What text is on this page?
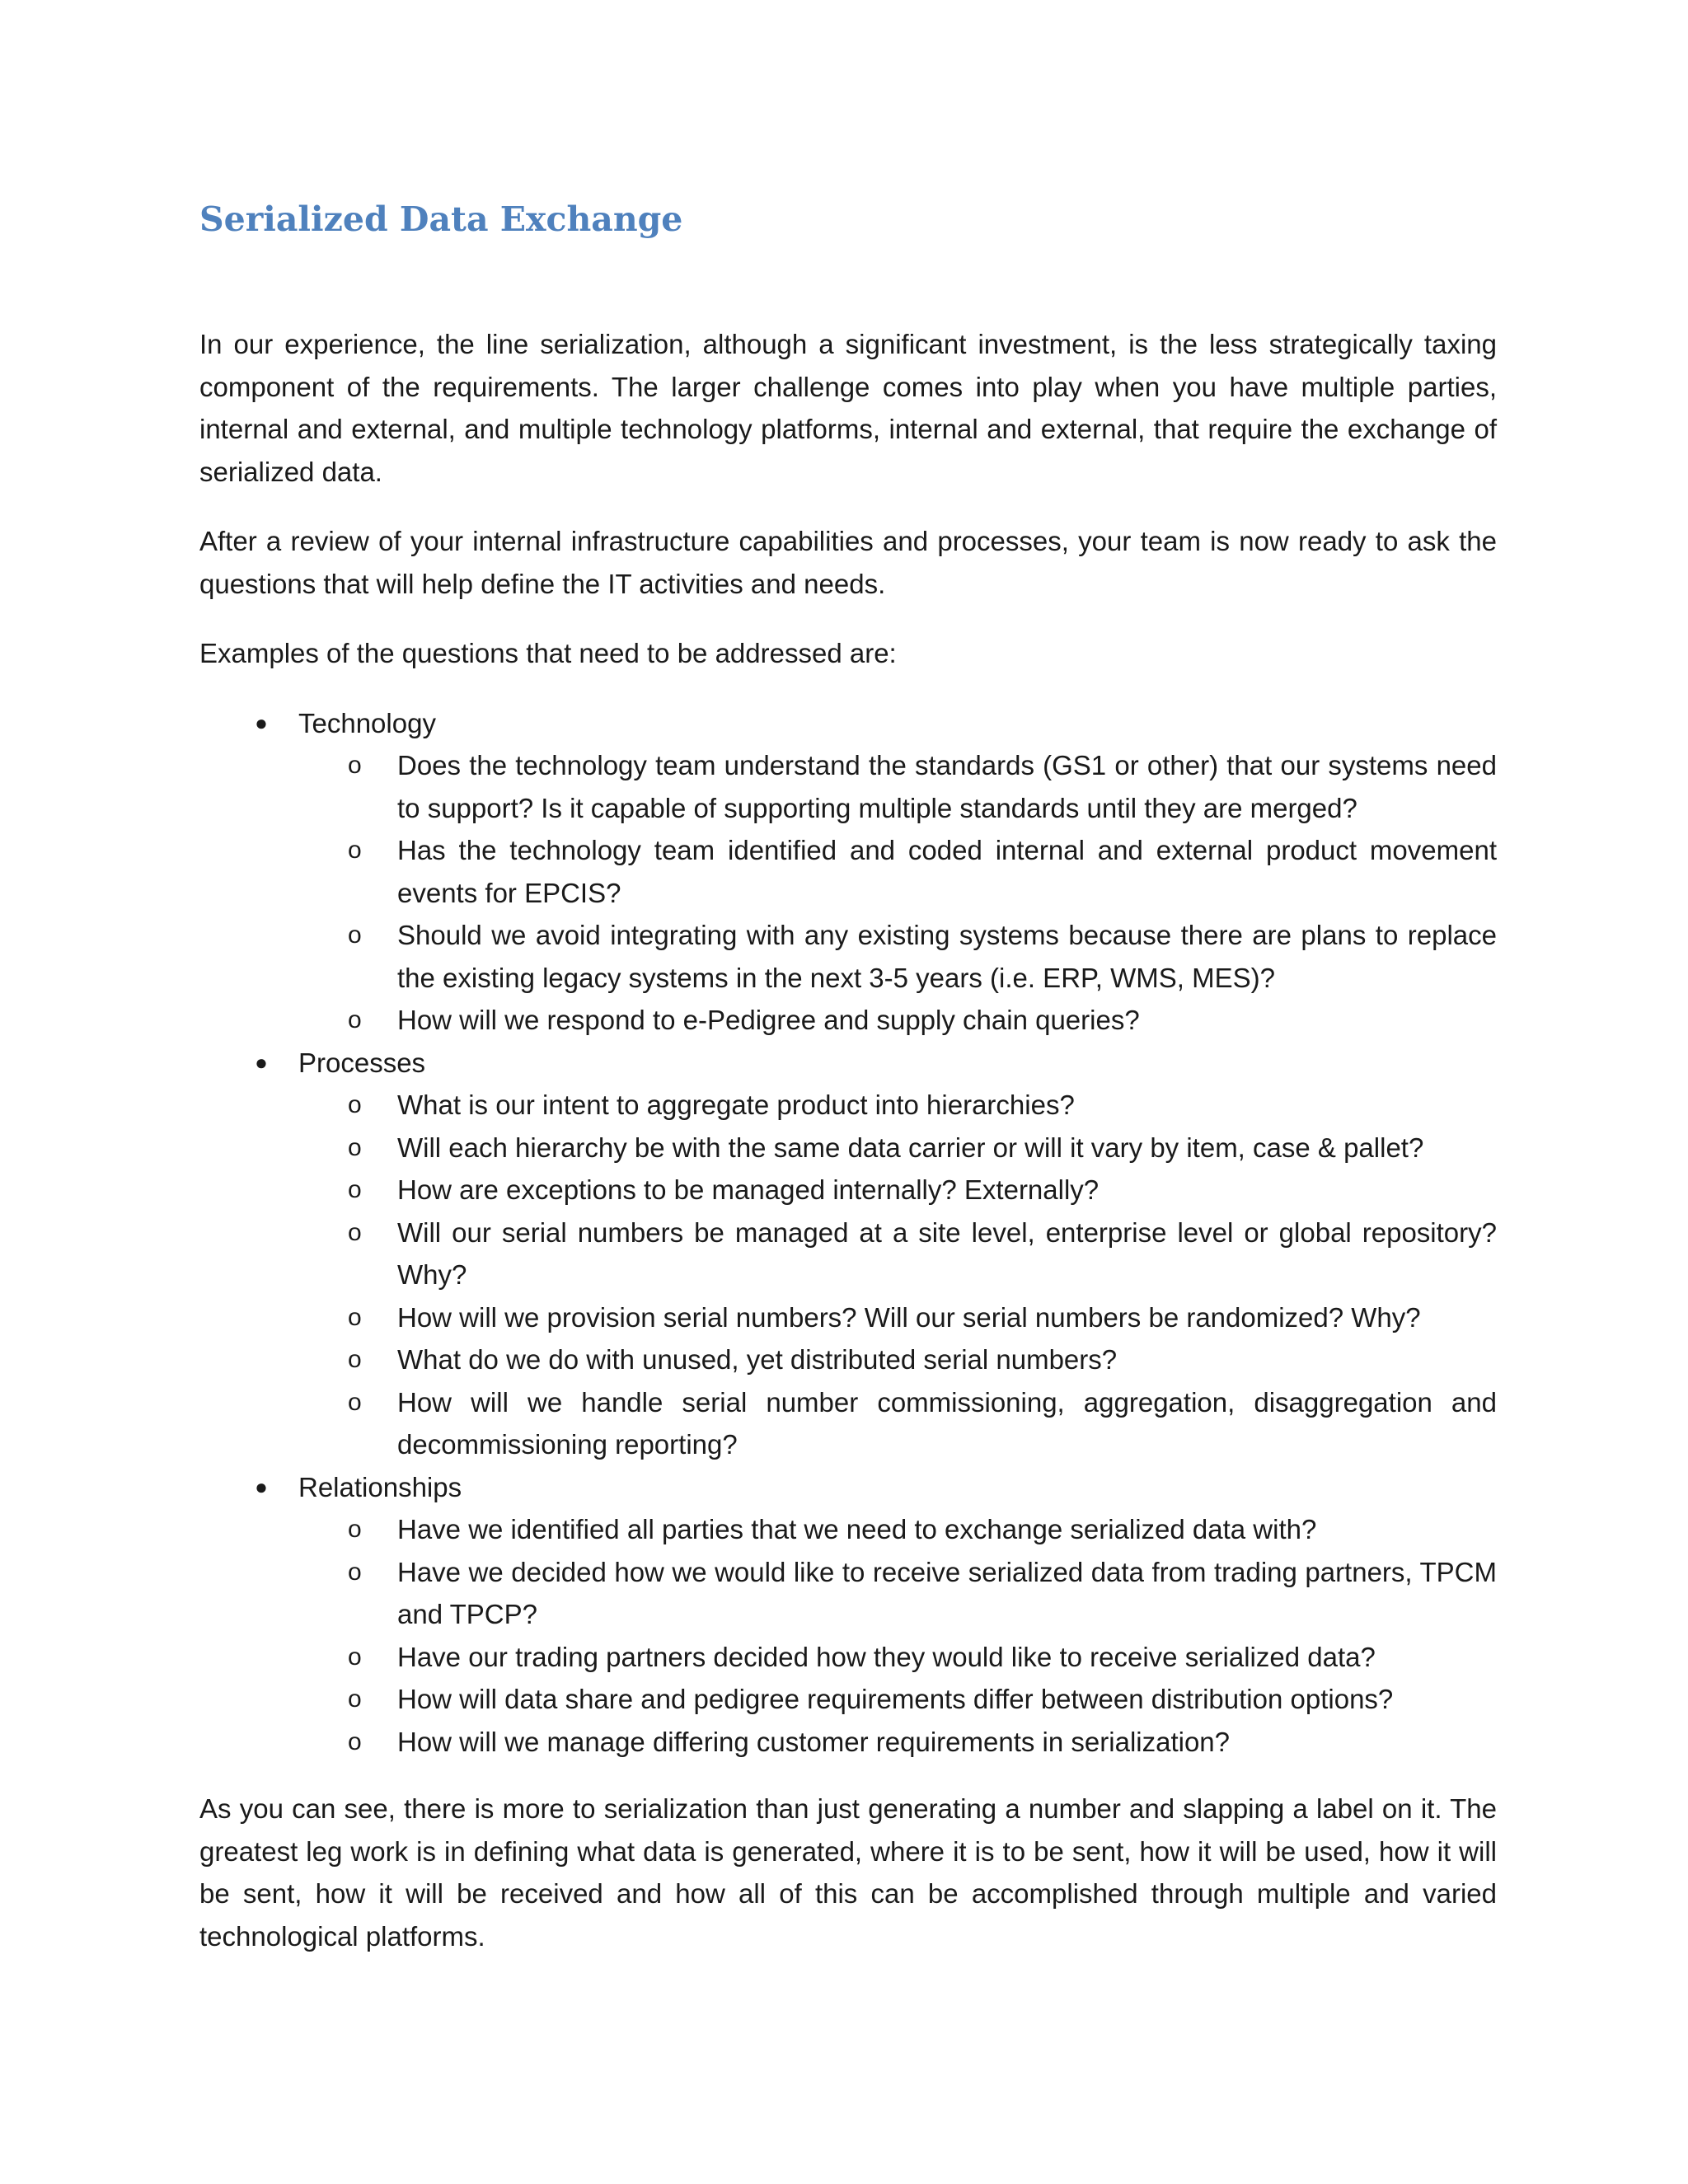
Serialized Data Exchange

In our experience, the line serialization, although a significant investment, is the less strategically taxing component of the requirements. The larger challenge comes into play when you have multiple parties, internal and external, and multiple technology platforms, internal and external, that require the exchange of serialized data.

After a review of your internal infrastructure capabilities and processes, your team is now ready to ask the questions that will help define the IT activities and needs.

Examples of the questions that need to be addressed are:

● Technology
o	Does the technology team understand the standards (GS1 or other) that our systems need to support? Is it capable of supporting multiple standards until they are merged?
o	Has the technology team identified and coded internal and external product movement events for EPCIS?
o	Should we avoid integrating with any existing systems because there are plans to replace the existing legacy systems in the next 3-5 years (i.e. ERP, WMS, MES)?
o	How will we respond to e-Pedigree and supply chain queries?
● Processes
o	What is our intent to aggregate product into hierarchies?
o	Will each hierarchy be with the same data carrier or will it vary by item, case & pallet?
o	How are exceptions to be managed internally? Externally?
o	Will our serial numbers be managed at a site level, enterprise level or global repository? Why?
o	How will we provision serial numbers? Will our serial numbers be randomized? Why?
o	What do we do with unused, yet distributed serial numbers?
o	How will we handle serial number commissioning, aggregation, disaggregation and decommissioning reporting?
● Relationships
o	Have we identified all parties that we need to exchange serialized data with?
o	Have we decided how we would like to receive serialized data from trading partners, TPCM and TPCP?
o	Have our trading partners decided how they would like to receive serialized data?
o	How will data share and pedigree requirements differ between distribution options?
o	How will we manage differing customer requirements in serialization?

As you can see, there is more to serialization than just generating a number and slapping a label on it. The greatest leg work is in defining what data is generated, where it is to be sent, how it will be used, how it will be sent, how it will be received and how all of this can be accomplished through multiple and varied technological platforms.
